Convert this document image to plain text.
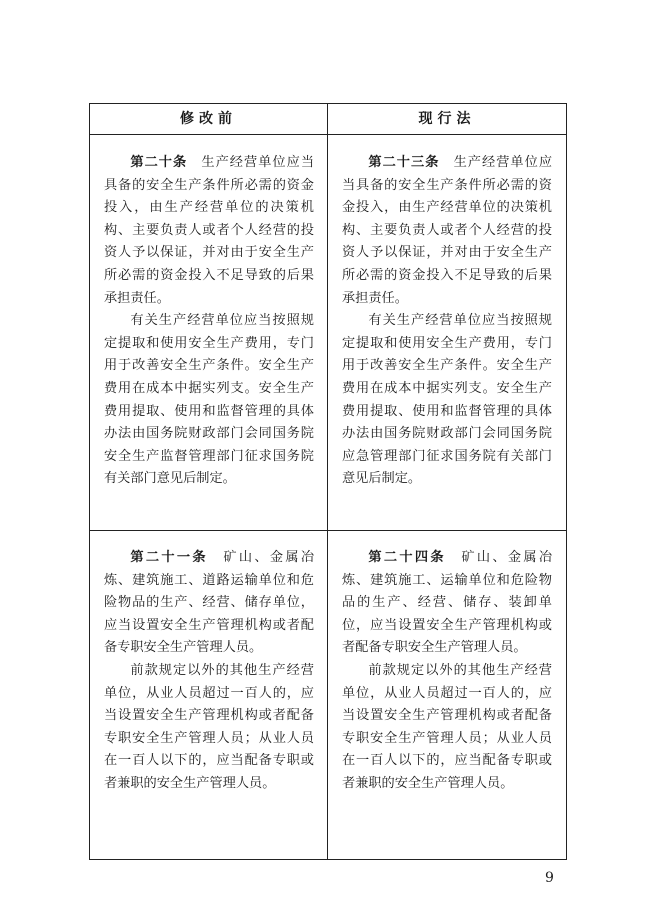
修改前	现行法

第二十条　 生产经营单位应当具备的安全生产条件所必需的资金投入，由生产经营单位的决策机构、主要负责人或者个人经营的投资人予以保证，并对由于安全生产所必需的资金投入不足导致的后果承担责任。

有关生产经营单位应当按照规定提取和使用安全生产费用，专门用于改善安全生产条件。安全生产费用在成本中据实列支。安全生产费用提取、使用和监督管理的具体办法由国务院财政部门会同国务院安全生产监督管理部门征求国务院有关部门意见后制定。

第二十三条　 生产经营单位应当具备的安全生产条件所必需的资金投入，由生产经营单位的决策机构、主要负责人或者个人经营的投资人予以保证，并对由于安全生产所必需的资金投入不足导致的后果承担责任。

有关生产经营单位应当按照规定提取和使用安全生产费用，专门用于改善安全生产条件。安全生产费用在成本中据实列支。安全生产费用提取、使用和监督管理的具体办法由国务院财政部门会同国务院应急管理部门征求国务院有关部门意见后制定。

第二十一条　 矿山、金属冶炼、建筑施工、道路运输单位和危险物品的生产、经营、储存单位，应当设置安全生产管理机构或者配备专职安全生产管理人员。

前款规定以外的其他生产经营单位，从业人员超过一百人的，应当设置安全生产管理机构或者配备专职安全生产管理人员；从业人员在一百人以下的，应当配备专职或者兼职的安全生产管理人员。

第二十四条　 矿山、金属冶炼、建筑施工、运输单位和危险物品的生产、经营、储存、装卸单位，应当设置安全生产管理机构或者配备专职安全生产管理人员。

前款规定以外的其他生产经营单位，从业人员超过一百人的，应当设置安全生产管理机构或者配备专职安全生产管理人员；从业人员在一百人以下的，应当配备专职或者兼职的安全生产管理人员。

9
